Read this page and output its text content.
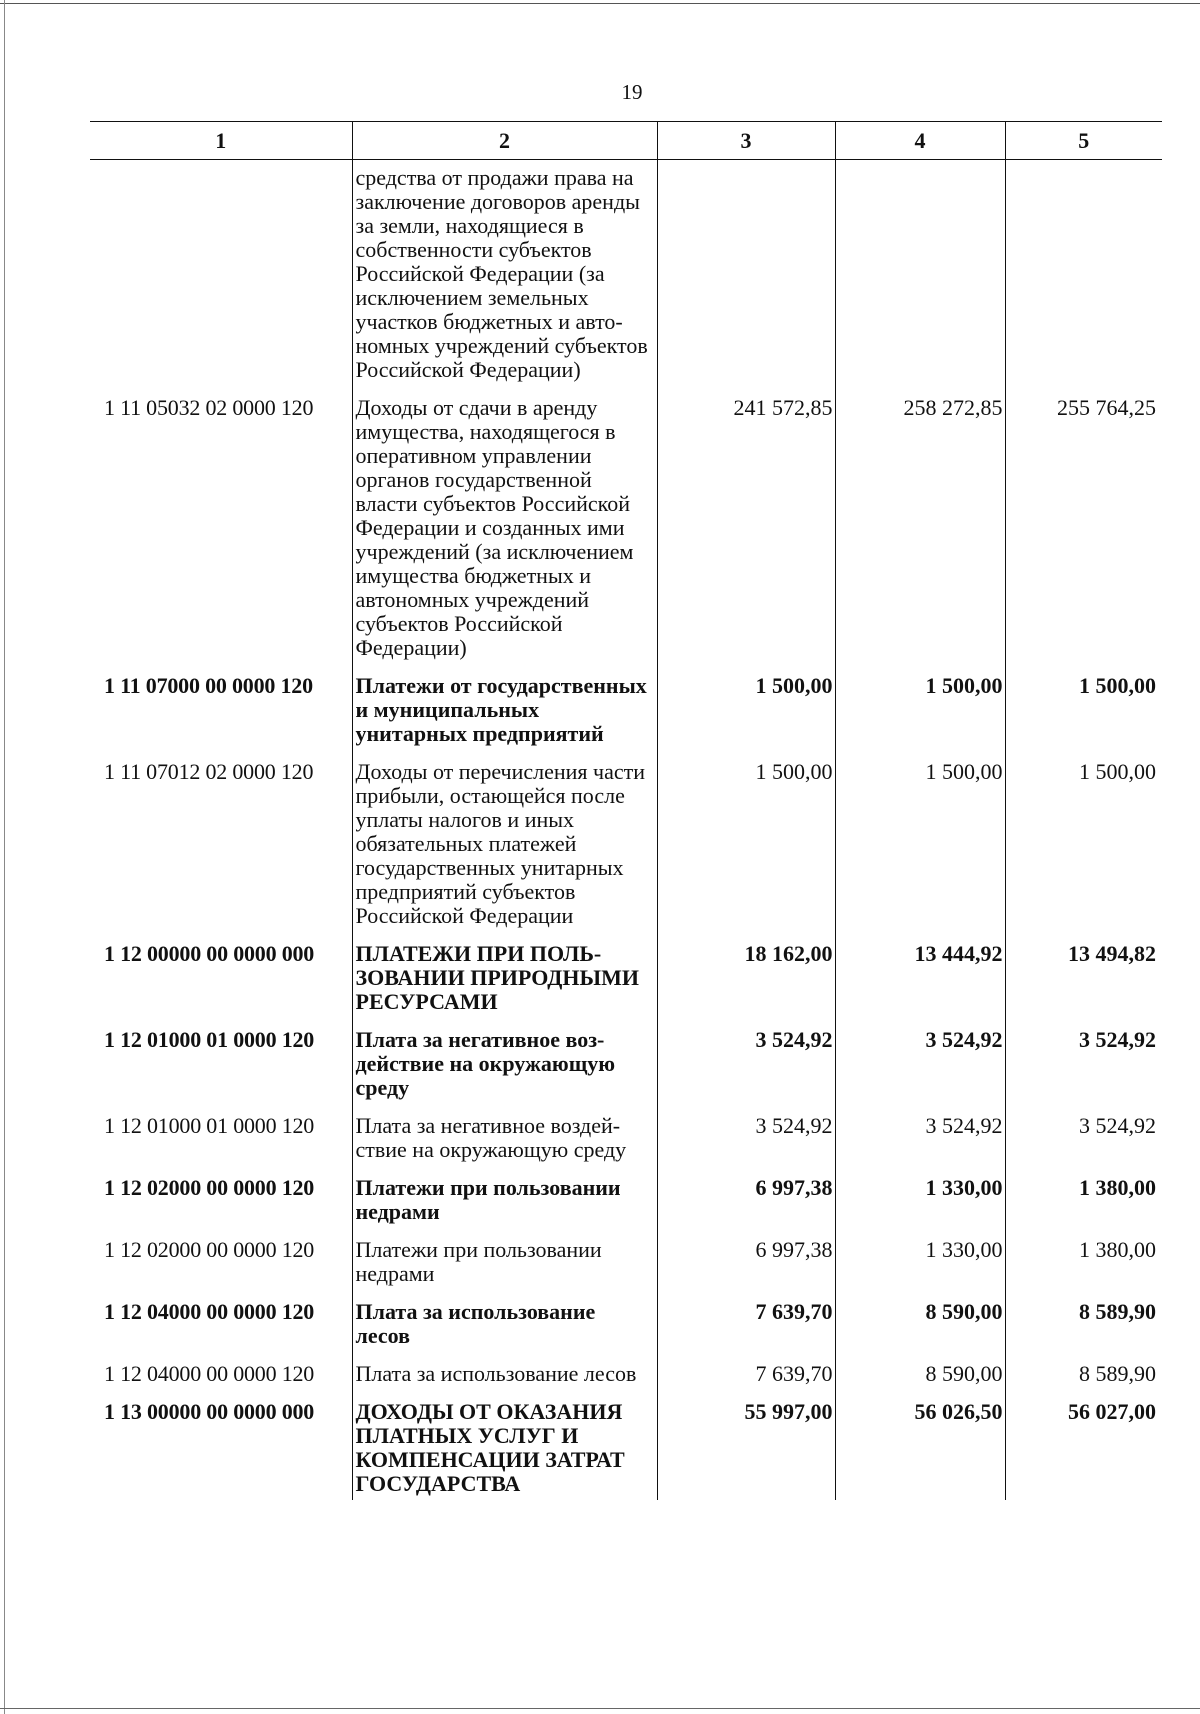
19
1	2	3	4	5
	средства от продажи права на заключение договоров аренды за земли, находящиеся в собственности субъектов Российской Федерации (за исключением земельных участков бюджетных и автономных учреждений субъектов Российской Федерации)			
1 11 05032 02 0000 120	Доходы от сдачи в аренду имущества, находящегося в оперативном управлении органов государственной власти субъектов Российской Федерации и созданных ими учреждений (за исключением имущества бюджетных и автономных учреждений субъектов Российской Федерации)	241 572,85	258 272,85	255 764,25
1 11 07000 00 0000 120	Платежи от государственных и муниципальных унитарных предприятий	1 500,00	1 500,00	1 500,00
1 11 07012 02 0000 120	Доходы от перечисления части прибыли, остающейся после уплаты налогов и иных обязательных платежей государственных унитарных предприятий субъектов Российской Федерации	1 500,00	1 500,00	1 500,00
1 12 00000 00 0000 000	ПЛАТЕЖИ ПРИ ПОЛЬЗОВАНИИ ПРИРОДНЫМИ РЕСУРСАМИ	18 162,00	13 444,92	13 494,82
1 12 01000 01 0000 120	Плата за негативное воздействие на окружающую среду	3 524,92	3 524,92	3 524,92
1 12 01000 01 0000 120	Плата за негативное воздействие на окружающую среду	3 524,92	3 524,92	3 524,92
1 12 02000 00 0000 120	Платежи при пользовании недрами	6 997,38	1 330,00	1 380,00
1 12 02000 00 0000 120	Платежи при пользовании недрами	6 997,38	1 330,00	1 380,00
1 12 04000 00 0000 120	Плата за использование лесов	7 639,70	8 590,00	8 589,90
1 12 04000 00 0000 120	Плата за использование лесов	7 639,70	8 590,00	8 589,90
1 13 00000 00 0000 000	ДОХОДЫ ОТ ОКАЗАНИЯ ПЛАТНЫХ УСЛУГ И КОМПЕНСАЦИИ ЗАТРАТ ГОСУДАРСТВА	55 997,00	56 026,50	56 027,00
